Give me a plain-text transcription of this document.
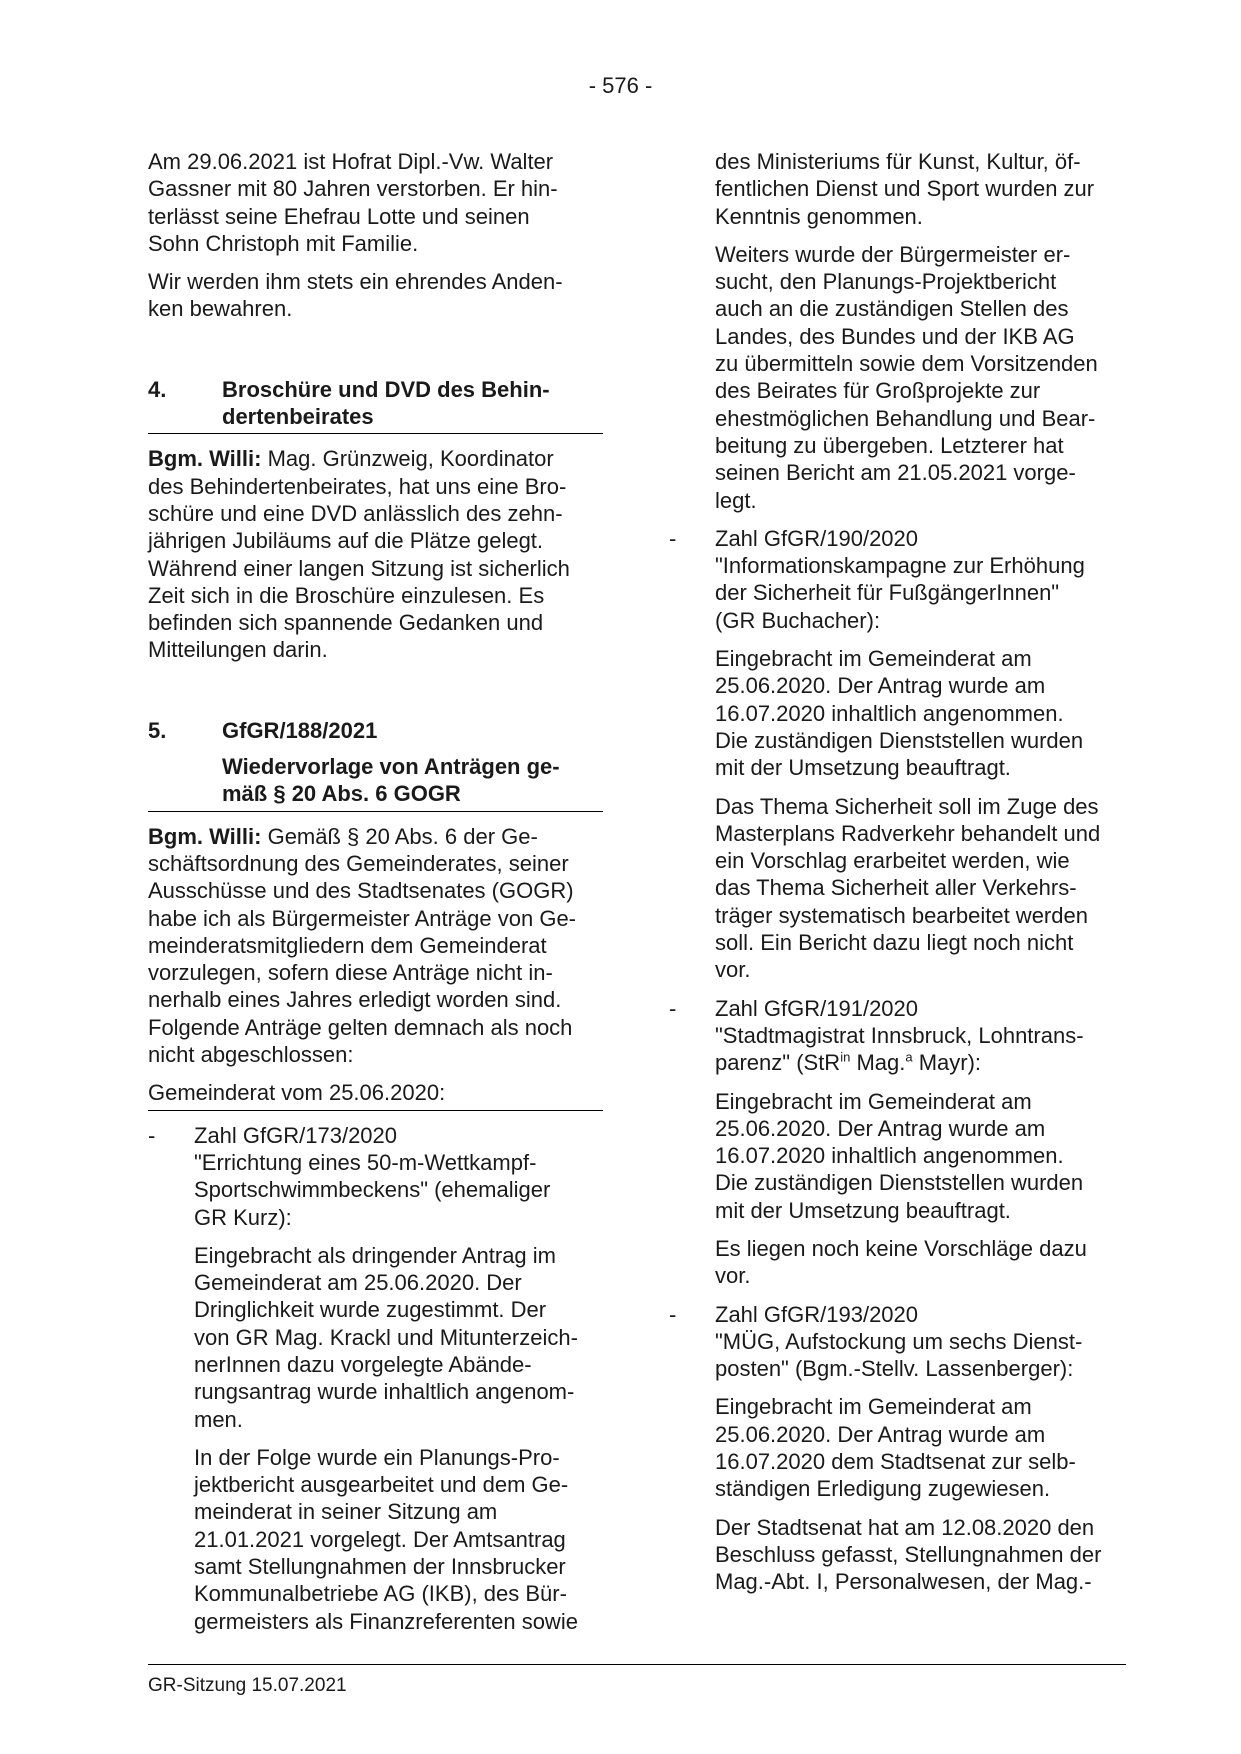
- 576 -

Am 29.06.2021 ist Hofrat Dipl.-Vw. Walter
Gassner mit 80 Jahren verstorben. Er hin-
terlässt seine Ehefrau Lotte und seinen
Sohn Christoph mit Familie.

Wir werden ihm stets ein ehrendes Anden-
ken bewahren.

4.	Broschüre und DVD des Behin-
dertenbeirates

Bgm. Willi: Mag. Grünzweig, Koordinator
des Behindertenbeirates, hat uns eine Bro-
schüre und eine DVD anlässlich des zehn-
jährigen Jubiläums auf die Plätze gelegt.
Während einer langen Sitzung ist sicherlich
Zeit sich in die Broschüre einzulesen. Es
befinden sich spannende Gedanken und
Mitteilungen darin.

5.	GfGR/188/2021
Wiedervorlage von Anträgen ge-
mäß § 20 Abs. 6 GOGR

Bgm. Willi: Gemäß § 20 Abs. 6 der Ge-
schäftsordnung des Gemeinderates, seiner
Ausschüsse und des Stadtsenates (GOGR)
habe ich als Bürgermeister Anträge von Ge-
meinderatsmitgliedern dem Gemeinderat
vorzulegen, sofern diese Anträge nicht in-
nerhalb eines Jahres erledigt worden sind.
Folgende Anträge gelten demnach als noch
nicht abgeschlossen:

Gemeinderat vom 25.06.2020:

-	Zahl GfGR/173/2020
"Errichtung eines 50-m-Wettkampf-
Sportschwimmbeckens" (ehemaliger
GR Kurz):

Eingebracht als dringender Antrag im
Gemeinderat am 25.06.2020. Der
Dringlichkeit wurde zugestimmt. Der
von GR Mag. Krackl und Mitunterzeich-
nerInnen dazu vorgelegte Abände-
rungsantrag wurde inhaltlich angenom-
men.

In der Folge wurde ein Planungs-Pro-
jektbericht ausgearbeitet und dem Ge-
meinderat in seiner Sitzung am
21.01.2021 vorgelegt. Der Amtsantrag
samt Stellungnahmen der Innsbrucker
Kommunalbetriebe AG (IKB), des Bür-
germeisters als Finanzreferenten sowie

des Ministeriums für Kunst, Kultur, öf-
fentlichen Dienst und Sport wurden zur
Kenntnis genommen.

Weiters wurde der Bürgermeister er-
sucht, den Planungs-Projektbericht
auch an die zuständigen Stellen des
Landes, des Bundes und der IKB AG
zu übermitteln sowie dem Vorsitzenden
des Beirates für Großprojekte zur
ehestmöglichen Behandlung und Bear-
beitung zu übergeben. Letzterer hat
seinen Bericht am 21.05.2021 vorge-
legt.

-	Zahl GfGR/190/2020
"Informationskampagne zur Erhöhung
der Sicherheit für FußgängerInnen"
(GR Buchacher):

Eingebracht im Gemeinderat am
25.06.2020. Der Antrag wurde am
16.07.2020 inhaltlich angenommen.
Die zuständigen Dienststellen wurden
mit der Umsetzung beauftragt.

Das Thema Sicherheit soll im Zuge des
Masterplans Radverkehr behandelt und
ein Vorschlag erarbeitet werden, wie
das Thema Sicherheit aller Verkehrs-
träger systematisch bearbeitet werden
soll. Ein Bericht dazu liegt noch nicht
vor.

-	Zahl GfGR/191/2020
"Stadtmagistrat Innsbruck, Lohntrans-
parenz" (StR$^{in}$ Mag.$^a$ Mayr):

Eingebracht im Gemeinderat am
25.06.2020. Der Antrag wurde am
16.07.2020 inhaltlich angenommen.
Die zuständigen Dienststellen wurden
mit der Umsetzung beauftragt.

Es liegen noch keine Vorschläge dazu
vor.

-	Zahl GfGR/193/2020
"MÜG, Aufstockung um sechs Dienst-
posten" (Bgm.-Stellv. Lassenberger):

Eingebracht im Gemeinderat am
25.06.2020. Der Antrag wurde am
16.07.2020 dem Stadtsenat zur selb-
ständigen Erledigung zugewiesen.

Der Stadtsenat hat am 12.08.2020 den
Beschluss gefasst, Stellungnahmen der
Mag.-Abt. I, Personalwesen, der Mag.-

GR-Sitzung 15.07.2021
